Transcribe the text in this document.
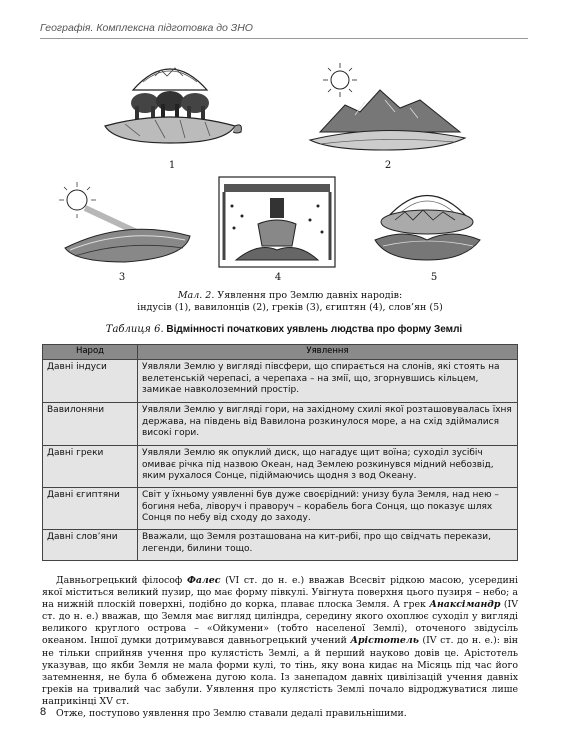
Географія. Комплексна підготовка до ЗНО
1	2
3	4	5
Мал. 2. Уявлення про Землю давніх народів:
індусів (1), вавилонців (2), греків (3), єгиптян (4), слов’ян (5)
Таблиця 6. Відмінності початкових уявлень людства про форму Землі
Народ	Уявлення
Давні індуси	Уявляли Землю у вигляді півсфери, що спирається на слонів, які стоять на велетенській черепасі, а черепаха – на змії, що, згорнувшись кільцем, замикае навколоземний простір.
Вавилоняни	Уявляли Землю у вигляді гори, на західному схилі якої розташовувалась їхня держава, на південь від Вавилона розкинулося море, а на схід здіймалися високі гори.
Давні греки	Уявляли Землю як опуклий диск, що нагадує щит воїна; суходіл зусібіч омиває річка під назвою Океан, над Землею розкинувся мідний небозвід, яким рухалося Сонце, підіймаючись щодня з вод Океану.
Давні єгиптяни	Світ у їхньому уявленні був дуже своєрідний: унизу була Земля, над нею – богиня неба, ліворуч і праворуч – корабель бога Сонця, що показує шлях Сонця по небу від сходу до заходу.
Давні слов’яни	Вважали, що Земля розташована на кит-рибі, про що свідчать перекази, легенди, билини тощо.

Давньогрецький філософ Фалес (VI ст. до н. е.) вважав Всесвіт рідкою масою, усередині якої міститься великий пузир, що має форму півкулі. Увігнута поверхня цього пузиря – небо; а на нижній плоскій поверхні, подібно до корка, плаває плоска Земля. А грек Анаксімандр (IV ст. до н. е.) вважав, що Земля має вигляд циліндра, середину якого охоплює суходіл у вигляді великого круглого острова – «Ойкумени» (тобто населеної Землі), оточеного звідусіль океаном. Іншої думки дотримувався давньогрецький учений Арістотель (IV ст. до н. е.): він не тільки сприйняв учення про кулястість Землі, а й перший науково довів це. Арістотель указував, що якби Земля не мала форми кулі, то тінь, яку вона кидає на Місяць під час його затемнення, не була б обмежена дугою кола. Із занепадом давніх цивілізацій учення давніх греків на тривалий час забули. Уявлення про кулястість Землі почало відроджуватися лише наприкінці XV ст.

Отже, поступово уявлення про Землю ставали дедалі правильнішими.

8
